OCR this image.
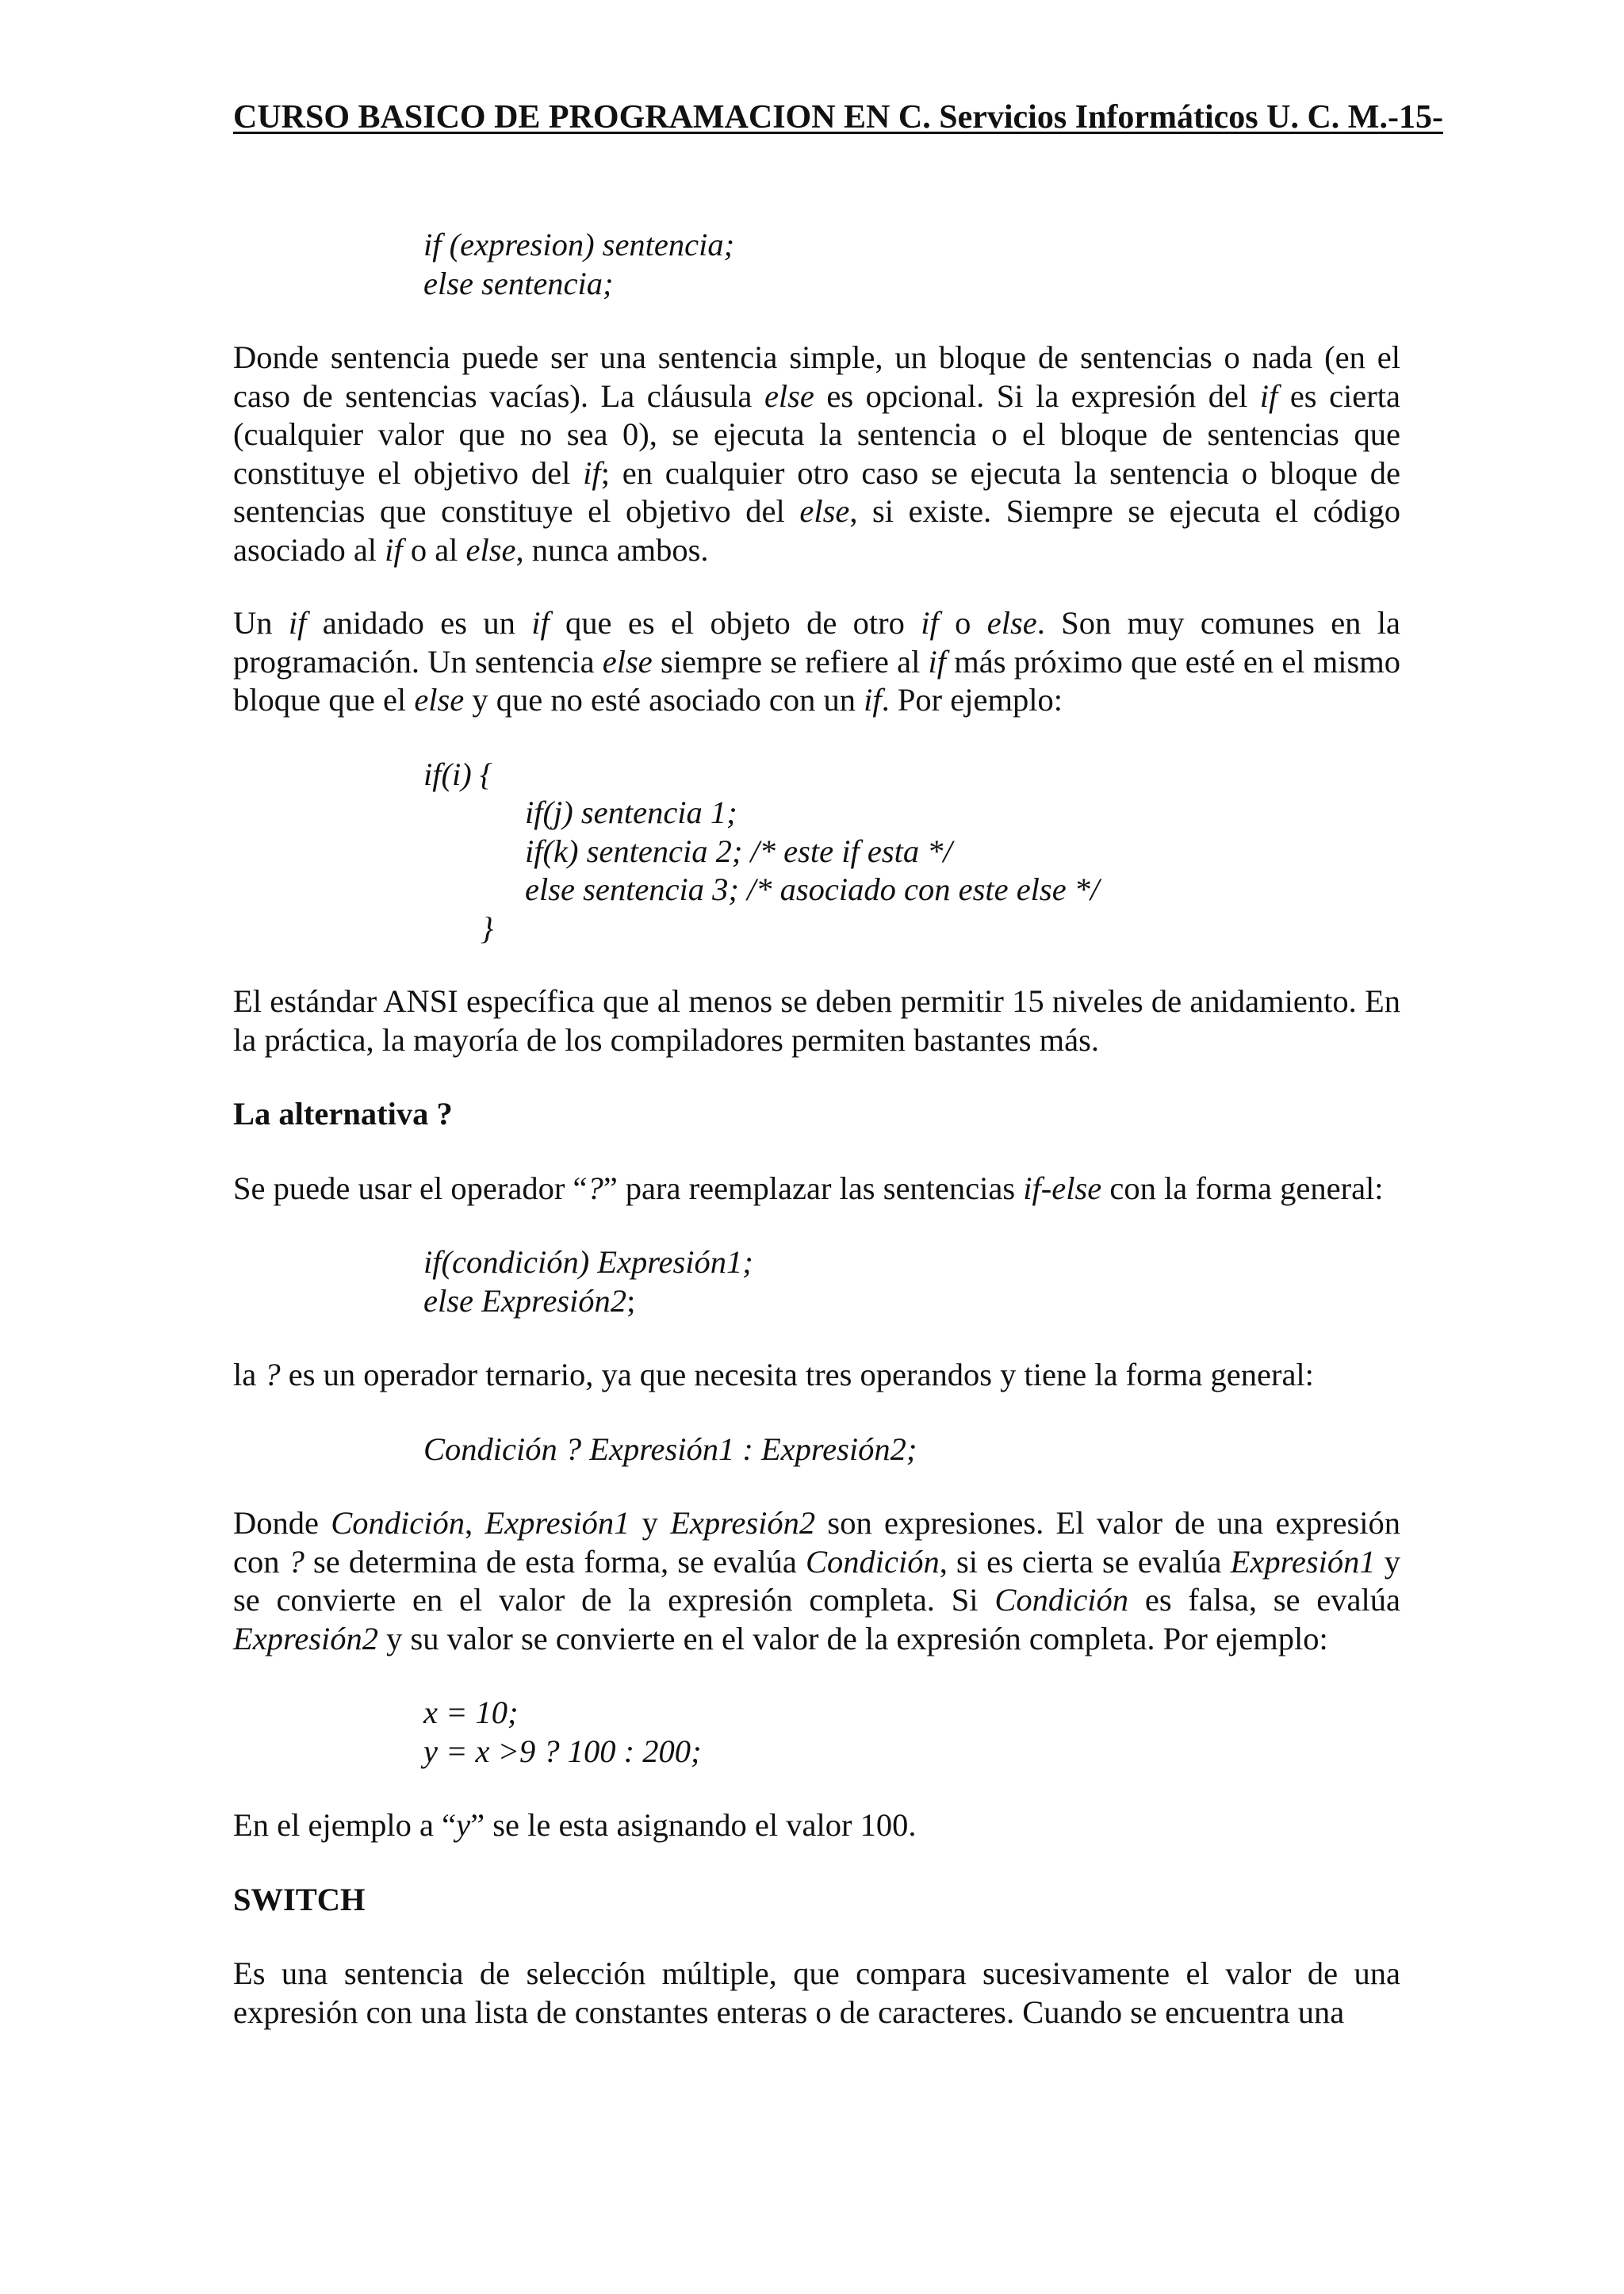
CURSO BASICO DE PROGRAMACION EN C. Servicios Informáticos U. C. M.-15-
if (expresion) sentencia;
else sentencia;

Donde sentencia puede ser una sentencia simple, un bloque de sentencias o nada (en el caso de sentencias vacías). La cláusula else es opcional. Si la expresión del if es cierta (cualquier valor que no sea 0), se ejecuta la sentencia o el bloque de sentencias que constituye el objetivo del if; en cualquier otro caso se ejecuta la sentencia o bloque de sentencias que constituye el objetivo del else, si existe. Siempre se ejecuta el código asociado al if o al else, nunca ambos.

Un if anidado es un if que es el objeto de otro if o else. Son muy comunes en la programación. Un sentencia else siempre se refiere al if más próximo que esté en el mismo bloque que el else y que no esté asociado con un if. Por ejemplo:

if(i) {
if(j) sentencia 1;
if(k) sentencia 2; /* este if esta */
else sentencia 3; /* asociado con este else */
}

El estándar ANSI específica que al menos se deben permitir 15 niveles de anidamiento. En la práctica, la mayoría de los compiladores permiten bastantes más.

La alternativa ?

Se puede usar el operador “?” para reemplazar las sentencias if-else con la forma general:

if(condición) Expresión1;
else Expresión2;

la ? es un operador ternario, ya que necesita tres operandos y tiene la forma general:

Condición ? Expresión1 : Expresión2;

Donde Condición, Expresión1 y Expresión2 son expresiones. El valor de una expresión con ? se determina de esta forma, se evalúa Condición, si es cierta se evalúa Expresión1 y se convierte en el valor de la expresión completa. Si Condición es falsa, se evalúa Expresión2 y su valor se convierte en el valor de la expresión completa. Por ejemplo:

x = 10;
y = x >9 ? 100 : 200;

En el ejemplo a “y” se le esta asignando el valor 100.

SWITCH

Es una sentencia de selección múltiple, que compara sucesivamente el valor de una expresión con una lista de constantes enteras o de caracteres. Cuando se encuentra una
